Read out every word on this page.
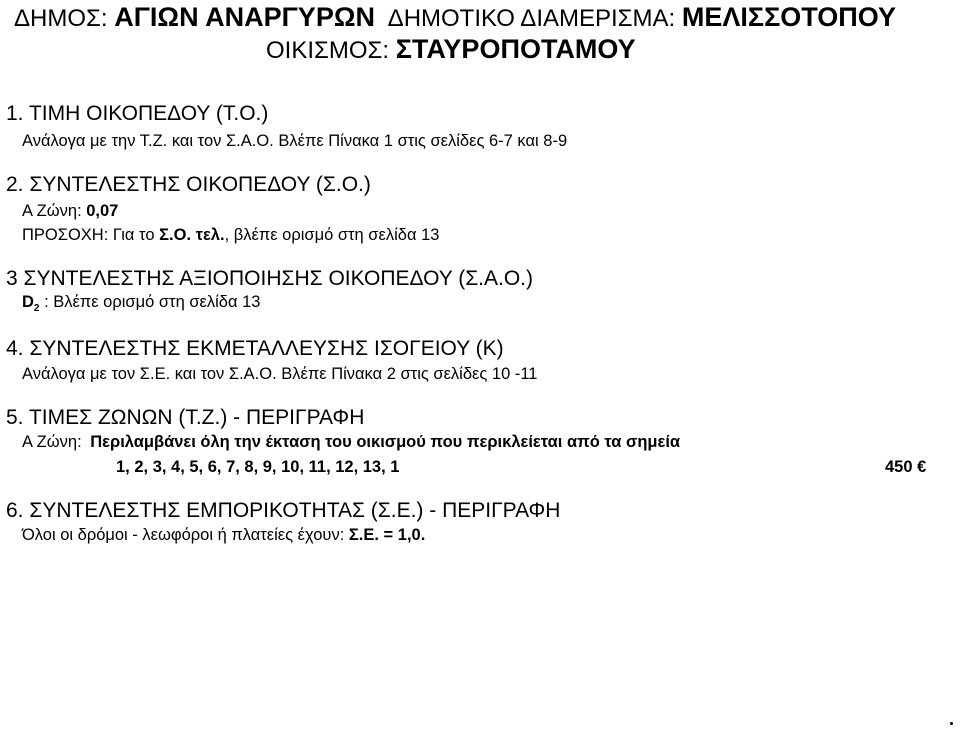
ΔΗΜΟΣ: ΑΓΙΩΝ ΑΝΑΡΓΥΡΩΝ ΔΗΜΟΤΙΚΟ ΔΙΑΜΕΡΙΣΜΑ: ΜΕΛΙΣΣΟΤΟΠΟΥ
ΟΙΚΙΣΜΟΣ: ΣΤΑΥΡΟΠΟΤΑΜΟΥ
1. ΤΙΜΗ ΟΙΚΟΠΕΔΟΥ (Τ.Ο.)
Ανάλογα με την Τ.Ζ. και τον Σ.Α.Ο. Βλέπε Πίνακα 1 στις σελίδες 6-7 και 8-9
2. ΣΥΝΤΕΛΕΣΤΗΣ ΟΙΚΟΠΕΔΟΥ (Σ.Ο.)
Α Ζώνη: 0,07
ΠΡΟΣΟΧΗ: Για το Σ.Ο. τελ., βλέπε ορισμό στη σελίδα 13
3 ΣΥΝΤΕΛΕΣΤΗΣ ΑΞΙΟΠΟΙΗΣΗΣ ΟΙΚΟΠΕΔΟΥ (Σ.Α.Ο.)
$D_2$ : Βλέπε ορισμό στη σελίδα 13
4. ΣΥΝΤΕΛΕΣΤΗΣ ΕΚΜΕΤΑΛΛΕΥΣΗΣ ΙΣΟΓΕΙΟΥ (Κ)
Ανάλογα με τον Σ.Ε. και τον Σ.Α.Ο. Βλέπε Πίνακα 2 στις σελίδες 10 -11
5. ΤΙΜΕΣ ΖΩΝΩΝ (Τ.Ζ.) - ΠΕΡΙΓΡΑΦΗ
Α Ζώνη: Περιλαμβάνει όλη την έκταση του οικισμού που περικλείεται από τα σημεία
1, 2, 3, 4, 5, 6, 7, 8, 9, 10, 11, 12, 13, 1	450 €
6. ΣΥΝΤΕΛΕΣΤΗΣ ΕΜΠΟΡΙΚΟΤΗΤΑΣ (Σ.Ε.) - ΠΕΡΙΓΡΑΦΗ
Όλοι οι δρόμοι - λεωφόροι ή πλατείες έχουν: Σ.Ε. = 1,0.
